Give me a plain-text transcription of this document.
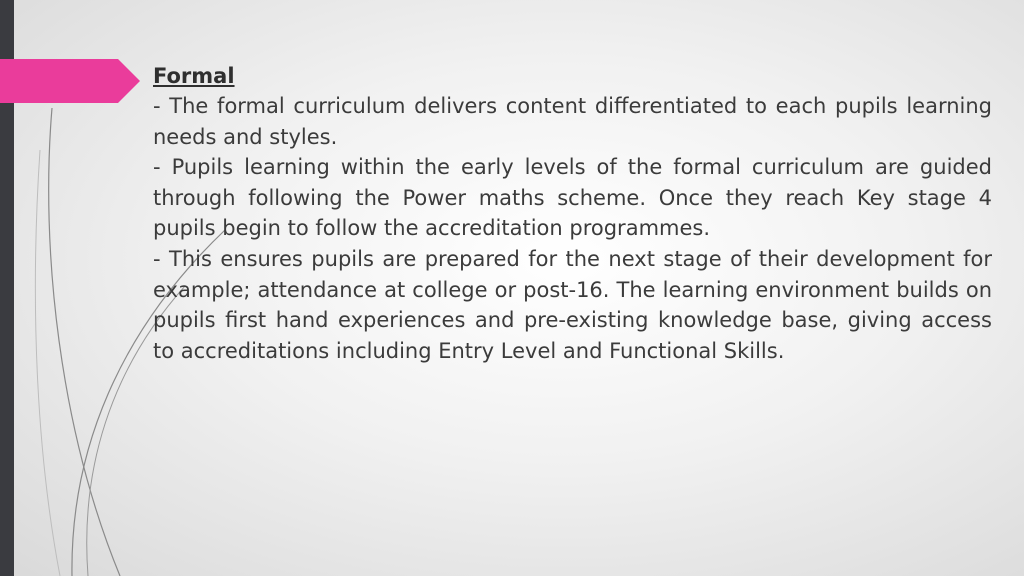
Formal

- The formal curriculum delivers content differentiated to each pupils learning needs and styles.

- Pupils learning within the early levels of the formal curriculum are guided through following the Power maths scheme. Once they reach Key stage 4 pupils begin to follow the accreditation programmes.

- This ensures pupils are prepared for the next stage of their development for example; attendance at college or post-16. The learning environment builds on pupils first hand experiences and pre-existing knowledge base, giving access to accreditations including Entry Level and Functional Skills.
